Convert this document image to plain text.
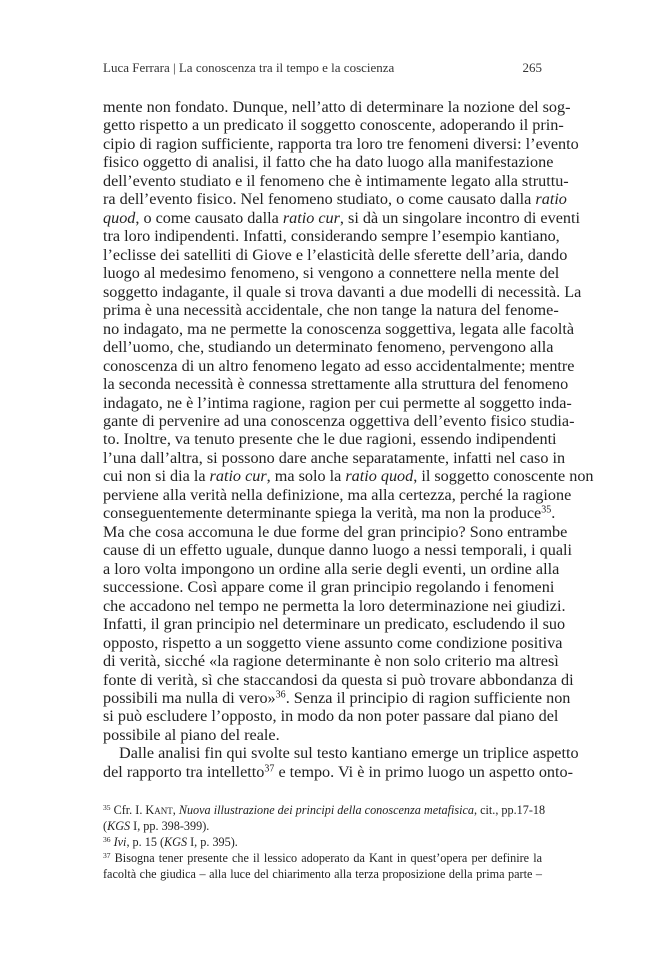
Luca Ferrara | La conoscenza tra il tempo e la coscienza	265
mente non fondato. Dunque, nell’atto di determinare la nozione del sog-
getto rispetto a un predicato il soggetto conoscente, adoperando il prin-
cipio di ragion sufficiente, rapporta tra loro tre fenomeni diversi: l’evento
fisico oggetto di analisi, il fatto che ha dato luogo alla manifestazione
dell’evento studiato e il fenomeno che è intimamente legato alla struttu-
ra dell’evento fisico. Nel fenomeno studiato, o come causato dalla ratio
quod, o come causato dalla ratio cur, si dà un singolare incontro di eventi
tra loro indipendenti. Infatti, considerando sempre l’esempio kantiano,
l’eclisse dei satelliti di Giove e l’elasticità delle sferette dell’aria, dando
luogo al medesimo fenomeno, si vengono a connettere nella mente del
soggetto indagante, il quale si trova davanti a due modelli di necessità. La
prima è una necessità accidentale, che non tange la natura del fenome-
no indagato, ma ne permette la conoscenza soggettiva, legata alle facoltà
dell’uomo, che, studiando un determinato fenomeno, pervengono alla
conoscenza di un altro fenomeno legato ad esso accidentalmente; mentre
la seconda necessità è connessa strettamente alla struttura del fenomeno
indagato, ne è l’intima ragione, ragion per cui permette al soggetto inda-
gante di pervenire ad una conoscenza oggettiva dell’evento fisico studia-
to. Inoltre, va tenuto presente che le due ragioni, essendo indipendenti
l’una dall’altra, si possono dare anche separatamente, infatti nel caso in
cui non si dia la ratio cur, ma solo la ratio quod, il soggetto conoscente non
perviene alla verità nella definizione, ma alla certezza, perché la ragione
conseguentemente determinante spiega la verità, ma non la produce$^{35}$.
Ma che cosa accomuna le due forme del gran principio? Sono entrambe
cause di un effetto uguale, dunque danno luogo a nessi temporali, i quali
a loro volta impongono un ordine alla serie degli eventi, un ordine alla
successione. Così appare come il gran principio regolando i fenomeni
che accadono nel tempo ne permetta la loro determinazione nei giudizi.
Infatti, il gran principio nel determinare un predicato, escludendo il suo
opposto, rispetto a un soggetto viene assunto come condizione positiva
di verità, sicché «la ragione determinante è non solo criterio ma altresì
fonte di verità, sì che staccandosi da questa si può trovare abbondanza di
possibili ma nulla di vero»$^{36}$. Senza il principio di ragion sufficiente non
si può escludere l’opposto, in modo da non poter passare dal piano del
possibile al piano del reale.
Dalle analisi fin qui svolte sul testo kantiano emerge un triplice aspetto
del rapporto tra intelletto$^{37}$ e tempo. Vi è in primo luogo un aspetto onto-
$^{35}$ Cfr. I. Kant, Nuova illustrazione dei principi della conoscenza metafisica, cit., pp.17-18
(KGS I, pp. 398-399).
$^{36}$ Ivi, p. 15 (KGS I, p. 395).
$^{37}$ Bisogna tener presente che il lessico adoperato da Kant in quest’opera per definire la
facoltà che giudica – alla luce del chiarimento alla terza proposizione della prima parte –
